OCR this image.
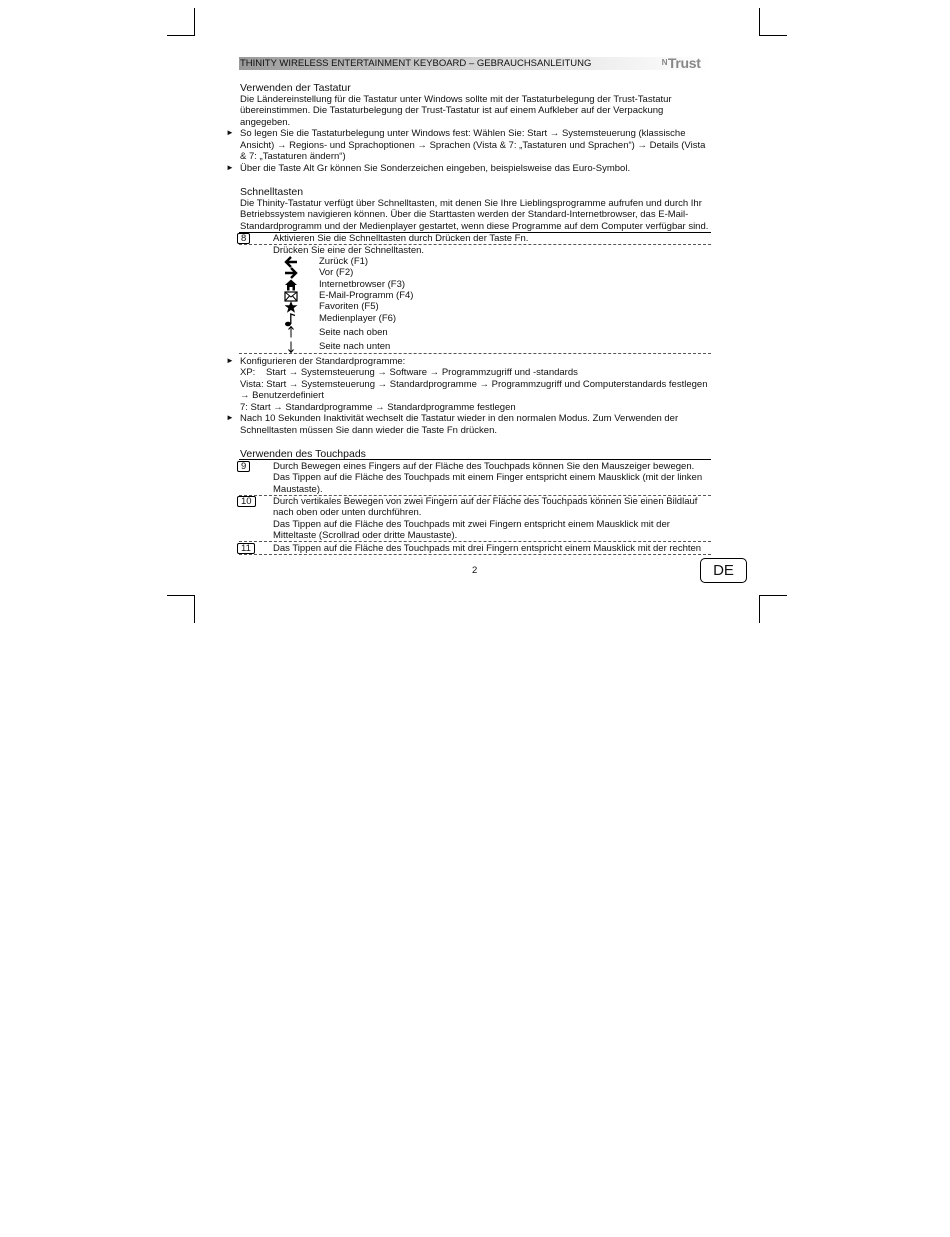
THINITY WIRELESS ENTERTAINMENT KEYBOARD – GEBRAUCHSANLEITUNG	ᴺTrust
Verwenden der Tastatur
Die Ländereinstellung für die Tastatur unter Windows sollte mit der Tastaturbelegung der Trust-Tastatur
übereinstimmen. Die Tastaturbelegung der Trust-Tastatur ist auf einem Aufkleber auf der Verpackung
angegeben.
► So legen Sie die Tastaturbelegung unter Windows fest: Wählen Sie: Start → Systemsteuerung (klassische
Ansicht) → Regions- und Sprachoptionen → Sprachen (Vista & 7: „Tastaturen und Sprachen“) → Details (Vista
& 7: „Tastaturen ändern“)
► Über die Taste Alt Gr können Sie Sonderzeichen eingeben, beispielsweise das Euro-Symbol.
Schnelltasten
Die Thinity-Tastatur verfügt über Schnelltasten, mit denen Sie Ihre Lieblingsprogramme aufrufen und durch Ihr
Betriebssystem navigieren können. Über die Starttasten werden der Standard-Internetbrowser, das E-Mail-
Standardprogramm und der Medienplayer gestartet, wenn diese Programme auf dem Computer verfügbar sind.
8	Aktivieren Sie die Schnelltasten durch Drücken der Taste Fn.
Drücken Sie eine der Schnelltasten.
Zurück (F1)
Vor (F2)
Internetbrowser (F3)
E-Mail-Programm (F4)
Favoriten (F5)
Medienplayer (F6)
Seite nach oben
Seite nach unten
► Konfigurieren der Standardprogramme:
XP: Start → Systemsteuerung → Software → Programmzugriff und -standards
Vista: Start → Systemsteuerung → Standardprogramme → Programmzugriff und Computerstandards festlegen
→ Benutzerdefiniert
7: Start → Standardprogramme → Standardprogramme festlegen
► Nach 10 Sekunden Inaktivität wechselt die Tastatur wieder in den normalen Modus. Zum Verwenden der
Schnelltasten müssen Sie dann wieder die Taste Fn drücken.
Verwenden des Touchpads
9	Durch Bewegen eines Fingers auf der Fläche des Touchpads können Sie den Mauszeiger bewegen.
Das Tippen auf die Fläche des Touchpads mit einem Finger entspricht einem Mausklick (mit der linken
Maustaste).
10	Durch vertikales Bewegen von zwei Fingern auf der Fläche des Touchpads können Sie einen Bildlauf
nach oben oder unten durchführen.
Das Tippen auf die Fläche des Touchpads mit zwei Fingern entspricht einem Mausklick mit der
Mitteltaste (Scrollrad oder dritte Maustaste).
11	Das Tippen auf die Fläche des Touchpads mit drei Fingern entspricht einem Mausklick mit der rechten
2	DE
